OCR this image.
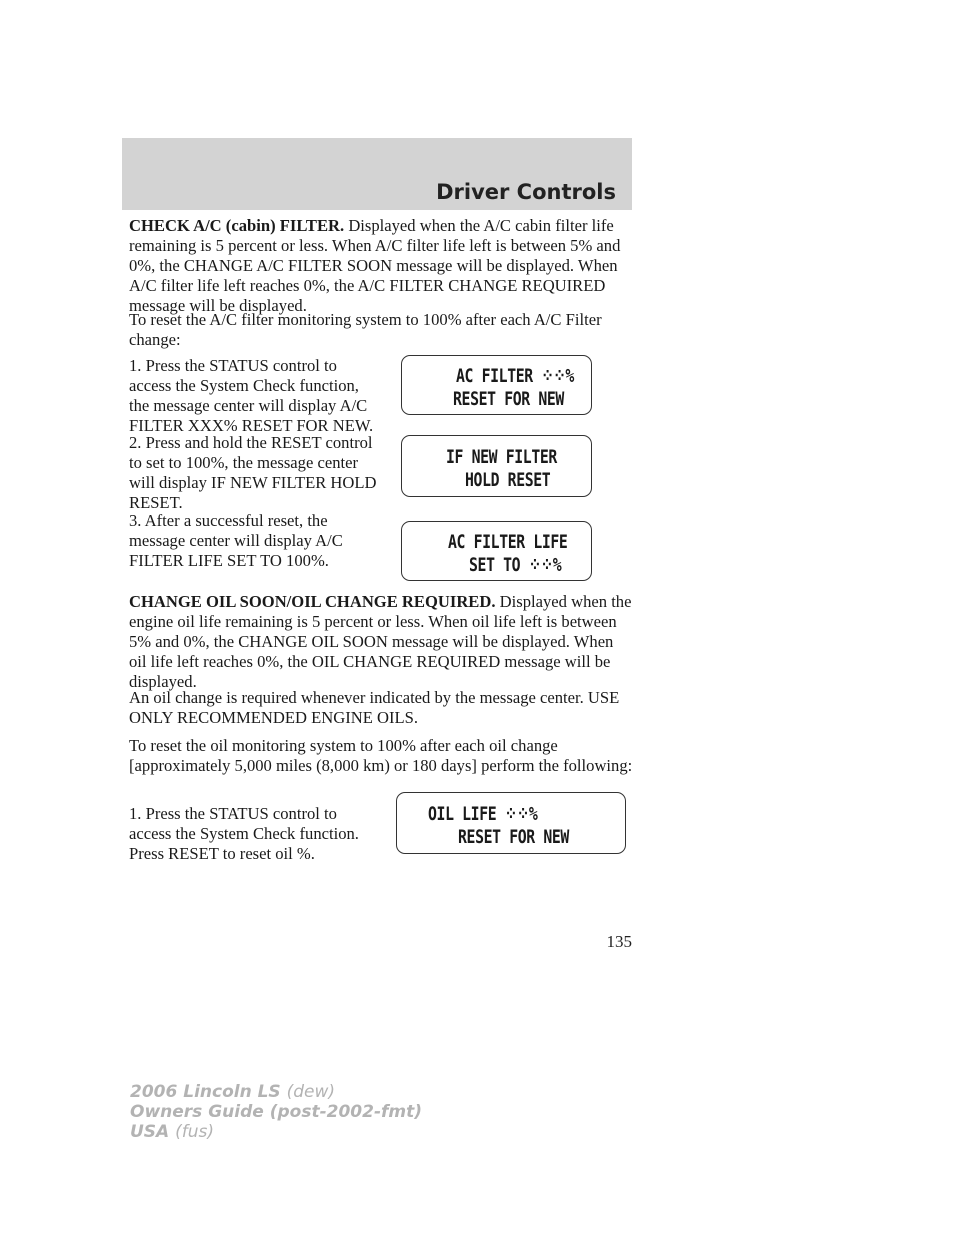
Driver Controls
CHECK A/C (cabin) FILTER. Displayed when the A/C cabin filter life remaining is 5 percent or less. When A/C filter life left is between 5% and 0%, the CHANGE A/C FILTER SOON message will be displayed. When A/C filter life left reaches 0%, the A/C FILTER CHANGE REQUIRED message will be displayed.
To reset the A/C filter monitoring system to 100% after each A/C Filter change:
1. Press the STATUS control to access the System Check function, the message center will display A/C FILTER XXX% RESET FOR NEW.
2. Press and hold the RESET control to set to 100%, the message center will display IF NEW FILTER HOLD RESET.
3. After a successful reset, the message center will display A/C FILTER LIFE SET TO 100%.
AC FILTER ⁘⁘%
RESET FOR NEW
IF NEW FILTER
HOLD RESET
AC FILTER LIFE
SET TO ⁘⁘%
CHANGE OIL SOON/OIL CHANGE REQUIRED. Displayed when the engine oil life remaining is 5 percent or less. When oil life left is between 5% and 0%, the CHANGE OIL SOON message will be displayed. When oil life left reaches 0%, the OIL CHANGE REQUIRED message will be displayed.
An oil change is required whenever indicated by the message center. USE ONLY RECOMMENDED ENGINE OILS.
To reset the oil monitoring system to 100% after each oil change [approximately 5,000 miles (8,000 km) or 180 days] perform the following:
1. Press the STATUS control to access the System Check function. Press RESET to reset oil %.
OIL LIFE ⁘⁘%
RESET FOR NEW
135
2006 Lincoln LS (dew)
Owners Guide (post-2002-fmt)
USA (fus)
